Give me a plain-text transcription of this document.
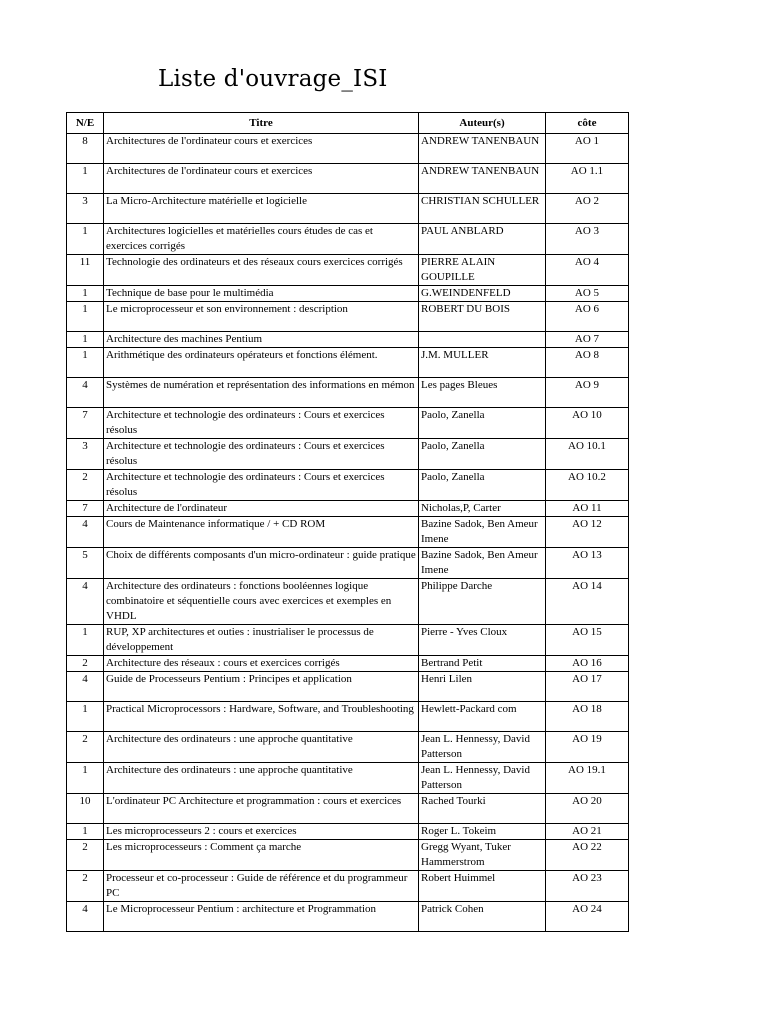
Liste d'ouvrage_ISI
N/E	Titre	Auteur(s)	côte
8	Architectures de l'ordinateur cours et exercices	ANDREW TANENBAUN	AO 1
1	Architectures de l'ordinateur cours et exercices	ANDREW TANENBAUN	AO 1.1
3	La Micro-Architecture matérielle et logicielle	CHRISTIAN SCHULLER	AO 2
1	Architectures logicielles et matérielles cours études de cas et exercices corrigés	PAUL ANBLARD	AO 3
11	Technologie des ordinateurs et des réseaux cours exercices corrigés	PIERRE ALAIN GOUPILLE	AO 4
1	Technique de base pour le multimédia	G.WEINDENFELD	AO 5
1	Le microprocesseur et son environnement : description	ROBERT DU BOIS	AO 6
1	Architecture des machines Pentium		AO 7
1	Arithmétique des ordinateurs opérateurs et fonctions élément.	J.M. MULLER	AO 8
4	Systèmes de numération et représentation des informations en mémon	Les pages Bleues	AO 9
7	Architecture et technologie des ordinateurs : Cours et exercices résolus	Paolo, Zanella	AO 10
3	Architecture et technologie des ordinateurs : Cours et exercices résolus	Paolo, Zanella	AO 10.1
2	Architecture et technologie des ordinateurs : Cours et exercices résolus	Paolo, Zanella	AO 10.2
7	Architecture de l'ordinateur	Nicholas,P, Carter	AO 11
4	Cours de Maintenance informatique / + CD ROM	Bazine Sadok, Ben Ameur Imene	AO 12
5	Choix de différents composants d'un micro-ordinateur : guide pratique	Bazine Sadok, Ben Ameur Imene	AO 13
4	Architecture des ordinateurs : fonctions booléennes logique combinatoire et séquentielle cours avec exercices et exemples en VHDL	Philippe Darche	AO 14
1	RUP, XP architectures et outies : inustrialiser le processus de développement	Pierre - Yves Cloux	AO 15
2	Architecture des réseaux : cours et exercices corrigés	Bertrand Petit	AO 16
4	Guide de Processeurs Pentium : Principes et application	Henri Lilen	AO 17
1	Practical Microprocessors : Hardware, Software, and Troubleshooting	Hewlett-Packard com	AO 18
2	Architecture des ordinateurs : une approche quantitative	Jean L. Hennessy, David Patterson	AO 19
1	Architecture des ordinateurs : une approche quantitative	Jean L. Hennessy, David Patterson	AO 19.1
10	L'ordinateur PC Architecture et programmation : cours et exercices	Rached Tourki	AO 20
1	Les microprocesseurs 2 : cours et exercices	Roger L. Tokeim	AO 21
2	Les microprocesseurs : Comment ça marche	Gregg Wyant, Tuker Hammerstrom	AO 22
2	Processeur et co-processeur : Guide de référence et du programmeur PC	Robert Huimmel	AO 23
4	Le Microprocesseur Pentium : architecture et Programmation	Patrick Cohen	AO 24
